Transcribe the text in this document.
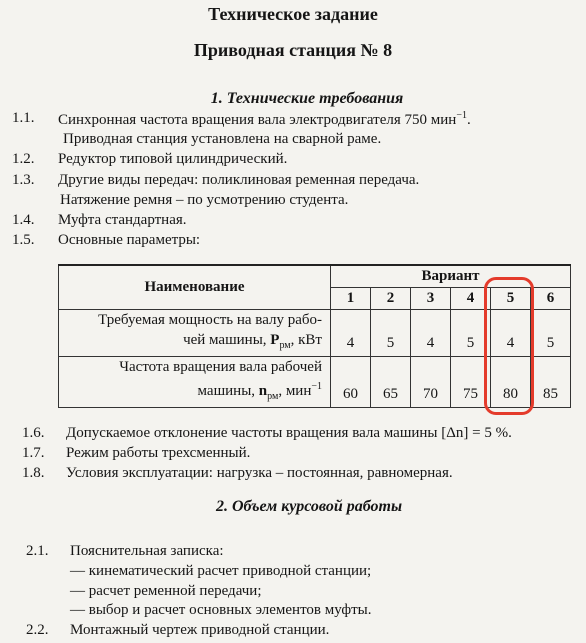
Техническое задание
Приводная станция № 8
1. Технические требования
1.1. Синхронная частота вращения вала электродвигателя 750 мин$^{-1}$.
Приводная станция установлена на сварной раме.
1.2. Редуктор типовой цилиндрический.
1.3. Другие виды передач: поликлиновая ременная передача.
Натяжение ремня – по усмотрению студента.
1.4. Муфта стандартная.
1.5. Основные параметры:
Наименование	Вариант					
	1	2	3	4	5	6

Требуемая мощность на валу рабо-
чей машины, $P_{рм}$, кВт	4	5	4	5	4	5

Частота вращения вала рабочей
машины, $n_{рм}$, мин$^{-1}$	60	65	70	75	80	85
1.6. Допускаемое отклонение частоты вращения вала машины [Δn] = 5 %.
1.7. Режим работы трехсменный.
1.8. Условия эксплуатации: нагрузка – постоянная, равномерная.
2. Объем курсовой работы
2.1. Пояснительная записка:
— кинематический расчет приводной станции;
— расчет ременной передачи;
— выбор и расчет основных элементов муфты.
2.2. Монтажный чертеж приводной станции.
